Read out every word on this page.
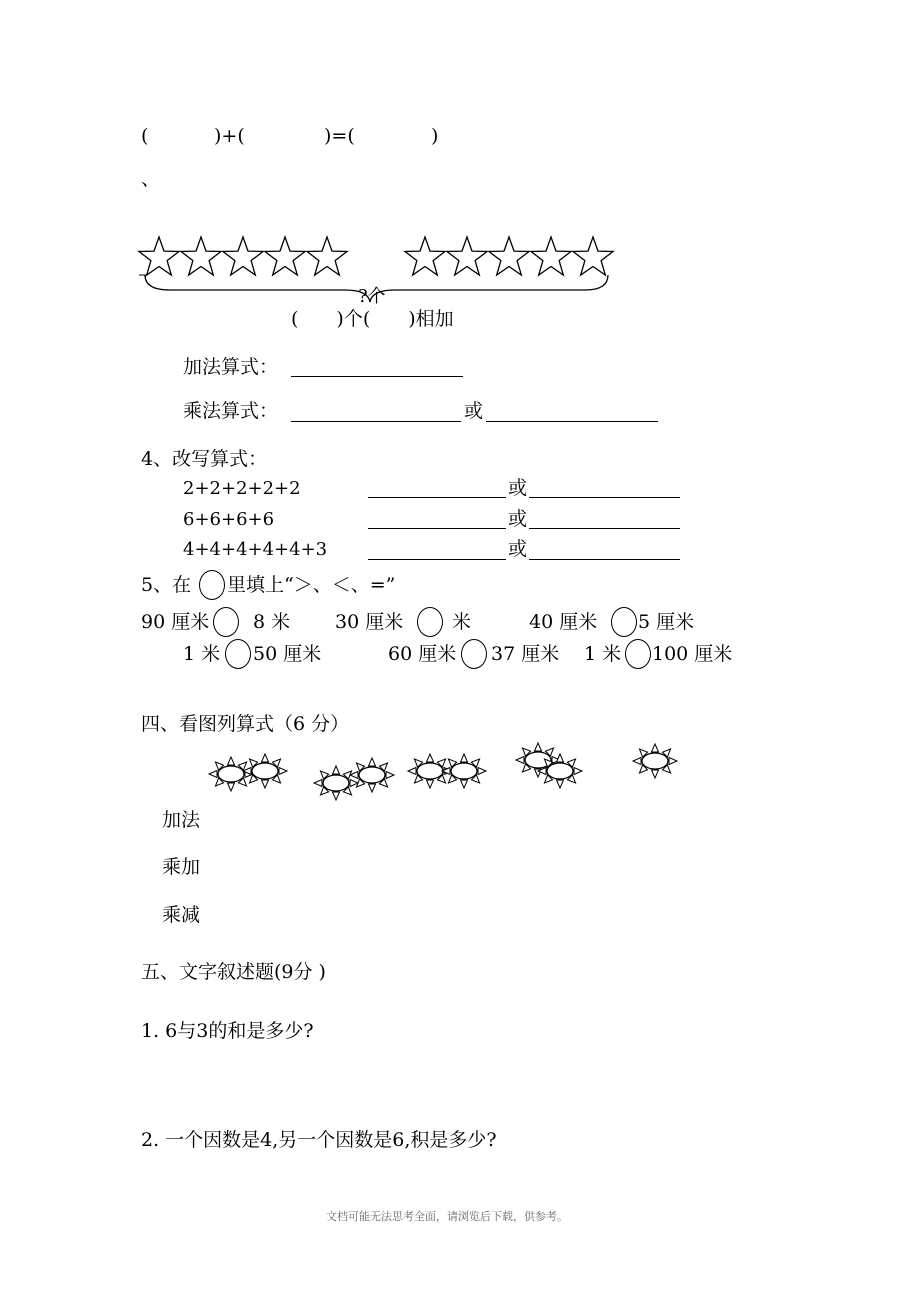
(	)+(	)=(	)
、
?个
(　　)个(　　)相加
加法算式：
乘法算式：	或
4、改写算式：
2+2+2+2+2	或
6+6+6+6	或
4+4+4+4+4+3	或
5、在 里填上“＞、＜、=”
90 厘米 8 米 30 厘米	米	40 厘米 5 厘米
1 米 50 厘米	60 厘米 37 厘米 1 米 100 厘米
四、看图列算式（6 分）
加法
乘加
乘减
五、文字叙述题(9分 )
1. 6与3的和是多少?
2. 一个因数是4,另一个因数是6,积是多少?
文档可能无法思考全面，请浏览后下载，供参考。
